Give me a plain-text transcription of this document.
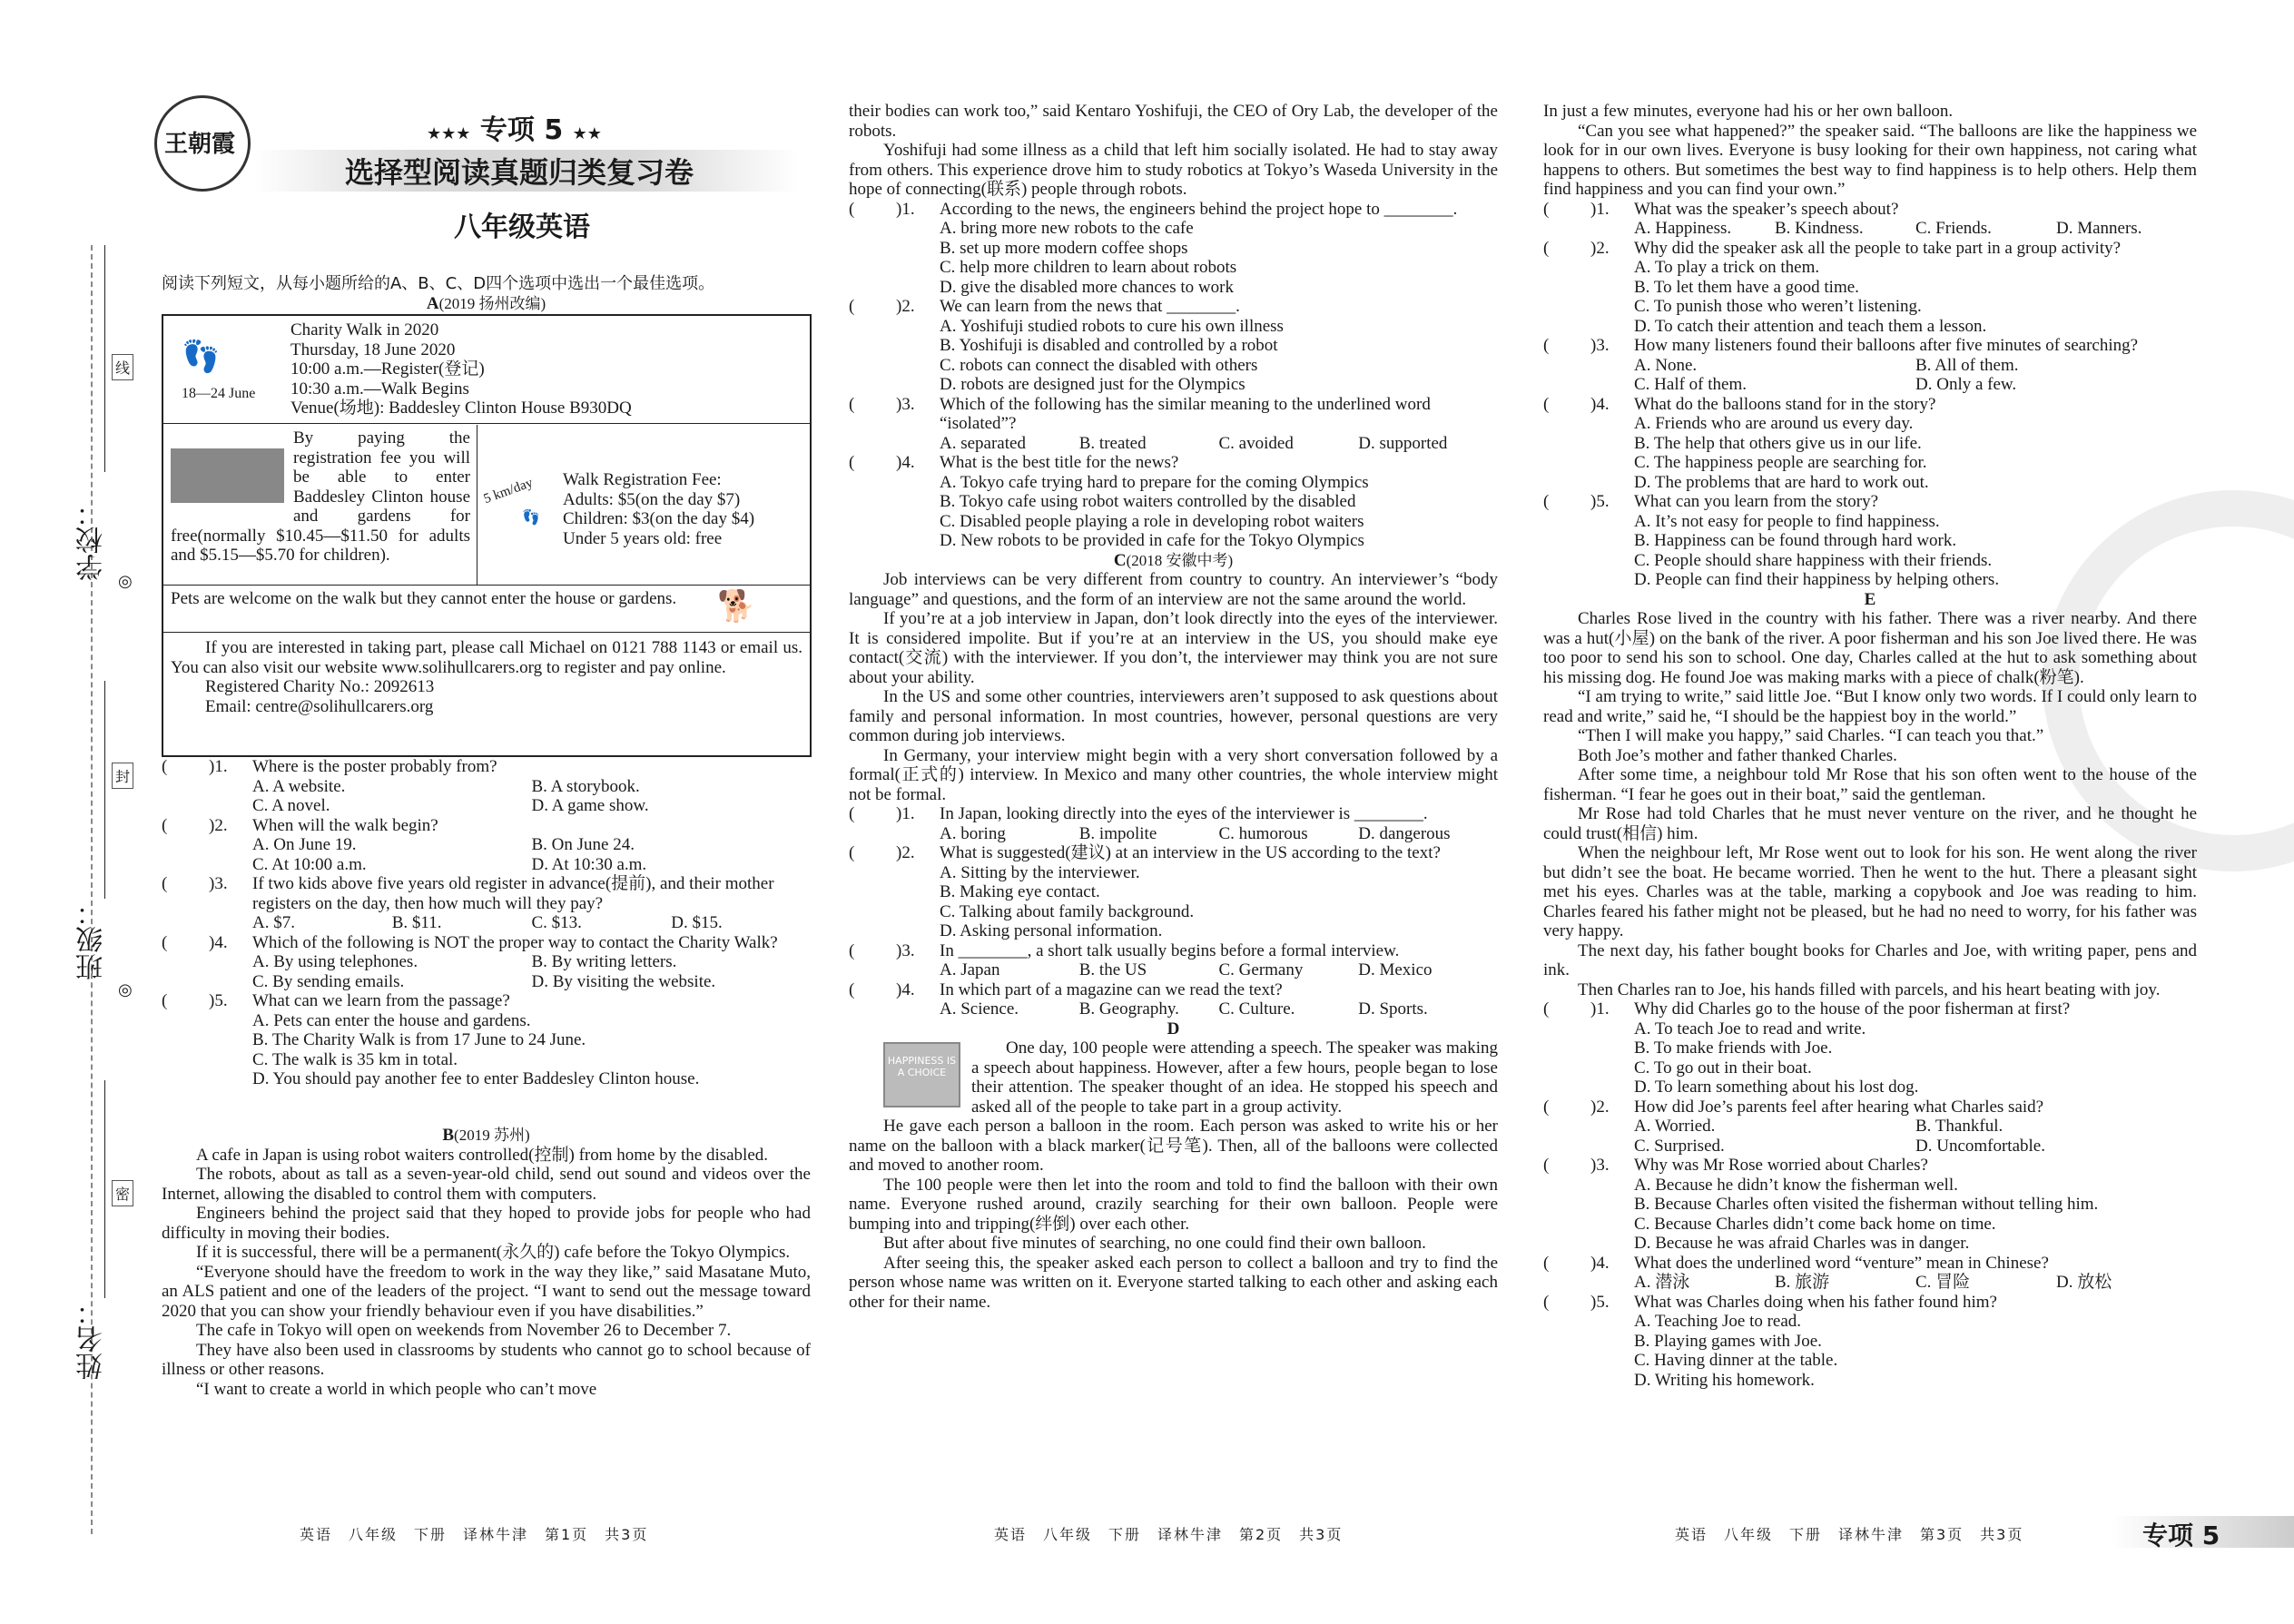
学校：
班级：
姓名：
线
封
密
◎
◎
王朝霞	★★★ 专项 5 ★★
选择型阅读真题归类复习卷
八年级英语

阅读下列短文，从每小题所给的A、B、C、D四个选项中选出一个最佳选项。

A(2019 扬州改编)

👣
18—24 June
Charity Walk in 2020
Thursday, 18 June 2020
10:00 a.m.—Register(登记)
10:30 a.m.—Walk Begins
Venue(场地): Baddesley Clinton House B930DQ
By paying the registration fee you will be able to enter Baddesley Clinton house and gardens for free(normally $10.45—$11.50 for adults and $5.15—$5.70 for children).
5 km/day
👣
Walk Registration Fee:
Adults: $5(on the day $7)
Children: $3(on the day $4)
Under 5 years old: free
Pets are welcome on the walk but they cannot enter the house or gardens.	🐕

If you are interested in taking part, please call Michael on 0121 788 1143 or email us. You can also visit our website www.solihullcarers.org to register and pay online.

Registered Charity No.: 2092613
Email: centre@solihullcarers.org

( )1.	Where is the poster probably from?

A. A website.	B. A storybook.
C. A novel.	D. A game show.

( )2.	When will the walk begin?

A. On June 19.	B. On June 24.
C. At 10:00 a.m.	D. At 10:30 a.m.

( )3.	If two kids above five years old register in advance(提前), and their mother registers on the day, then how much will they pay?

A. $7.	B. $11.	C. $13.	D. $15.

( )4.	Which of the following is NOT the proper way to contact the Charity Walk?

A. By using telephones.	B. By writing letters.
C. By sending emails.	D. By visiting the website.

( )5.	What can we learn from the passage?

A. Pets can enter the house and gardens.
B. The Charity Walk is from 17 June to 24 June.
C. The walk is 35 km in total.
D. You should pay another fee to enter Baddesley Clinton house.

B(2019 苏州)

A cafe in Japan is using robot waiters controlled(控制) from home by the disabled.

The robots, about as tall as a seven-year-old child, send out sound and videos over the Internet, allowing the disabled to control them with computers.

Engineers behind the project said that they hoped to provide jobs for people who had difficulty in moving their bodies.

If it is successful, there will be a permanent(永久的) cafe before the Tokyo Olympics.

“Everyone should have the freedom to work in the way they like,” said Masatane Muto, an ALS patient and one of the leaders of the project. “I want to send out the message toward 2020 that you can show your friendly behaviour even if you have disabilities.”

The cafe in Tokyo will open on weekends from November 26 to December 7.

They have also been used in classrooms by students who cannot go to school because of illness or other reasons.

“I want to create a world in which people who can’t move

英语　八年级　下册　译林牛津　第1页　共3页

their bodies can work too,” said Kentaro Yoshifuji, the CEO of Ory Lab, the developer of the robots.

Yoshifuji had some illness as a child that left him socially isolated. He had to stay away from others. This experience drove him to study robotics at Tokyo’s Waseda University in the hope of connecting(联系) people through robots.

( )1.	According to the news, the engineers behind the project hope to ________.

A. bring more new robots to the cafe
B. set up more modern coffee shops
C. help more children to learn about robots
D. give the disabled more chances to work

( )2.	We can learn from the news that ________.

A. Yoshifuji studied robots to cure his own illness
B. Yoshifuji is disabled and controlled by a robot
C. robots can connect the disabled with others
D. robots are designed just for the Olympics

( )3.	Which of the following has the similar meaning to the underlined word “isolated”?

A. separated	B. treated	C. avoided	D. supported

( )4.	What is the best title for the news?

A. Tokyo cafe trying hard to prepare for the coming Olympics
B. Tokyo cafe using robot waiters controlled by the disabled
C. Disabled people playing a role in developing robot waiters
D. New robots to be provided in cafe for the Tokyo Olympics

C(2018 安徽中考)

Job interviews can be very different from country to country. An interviewer’s “body language” and questions, and the form of an interview are not the same around the world.

If you’re at a job interview in Japan, don’t look directly into the eyes of the interviewer. It is considered impolite. But if you’re at an interview in the US, you should make eye contact(交流) with the interviewer. If you don’t, the interviewer may think you are not sure about your ability.

In the US and some other countries, interviewers aren’t supposed to ask questions about family and personal information. In most countries, however, personal questions are very common during job interviews.

In Germany, your interview might begin with a very short conversation followed by a formal(正式的) interview. In Mexico and many other countries, the whole interview might not be formal.

( )1.	In Japan, looking directly into the eyes of the interviewer is ________.

A. boring	B. impolite	C. humorous	D. dangerous

( )2.	What is suggested(建议) at an interview in the US according to the text?

A. Sitting by the interviewer.
B. Making eye contact.
C. Talking about family background.
D. Asking personal information.

( )3.	In ________, a short talk usually begins before a formal interview.

A. Japan	B. the US	C. Germany	D. Mexico

( )4.	In which part of a magazine can we read the text?

A. Science.	B. Geography.	C. Culture.	D. Sports.

D

HAPPINESS IS A CHOICE

One day, 100 people were attending a speech. The speaker was making a speech about happiness. However, after a few hours, people began to lose their attention. The speaker thought of an idea. He stopped his speech and asked all of the people to take part in a group activity.

He gave each person a balloon in the room. Each person was asked to write his or her name on the balloon with a black marker(记号笔). Then, all of the balloons were collected and moved to another room.

The 100 people were then let into the room and told to find the balloon with their own name. Everyone rushed around, crazily searching for their own balloon. People were bumping into and tripping(绊倒) over each other.

But after about five minutes of searching, no one could find their own balloon.

After seeing this, the speaker asked each person to collect a balloon and try to find the person whose name was written on it. Everyone started talking to each other and asking each other for their name.

英语　八年级　下册　译林牛津　第2页　共3页

In just a few minutes, everyone had his or her own balloon.

“Can you see what happened?” the speaker said. “The balloons are like the happiness we look for in our own lives. Everyone is busy looking for their own happiness, not caring what happens to others. But sometimes the best way to find happiness is to help others. Help them find happiness and you can find your own.”

( )1.	What was the speaker’s speech about?

A. Happiness.	B. Kindness.	C. Friends.	D. Manners.

( )2.	Why did the speaker ask all the people to take part in a group activity?

A. To play a trick on them.
B. To let them have a good time.
C. To punish those who weren’t listening.
D. To catch their attention and teach them a lesson.

( )3.	How many listeners found their balloons after five minutes of searching?

A. None.	B. All of them.
C. Half of them.	D. Only a few.

( )4.	What do the balloons stand for in the story?

A. Friends who are around us every day.
B. The help that others give us in our life.
C. The happiness people are searching for.
D. The problems that are hard to work out.

( )5.	What can you learn from the story?

A. It’s not easy for people to find happiness.
B. Happiness can be found through hard work.
C. People should share happiness with their friends.
D. People can find their happiness by helping others.

E

Charles Rose lived in the country with his father. There was a river nearby. And there was a hut(小屋) on the bank of the river. A poor fisherman and his son Joe lived there. He was too poor to send his son to school. One day, Charles called at the hut to ask something about his missing dog. He found Joe was making marks with a piece of chalk(粉笔).

“I am trying to write,” said little Joe. “But I know only two words. If I could only learn to read and write,” said he, “I should be the happiest boy in the world.”

“Then I will make you happy,” said Charles. “I can teach you that.”

Both Joe’s mother and father thanked Charles.

After some time, a neighbour told Mr Rose that his son often went to the house of the fisherman. “I fear he goes out in their boat,” said the gentleman.

Mr Rose had told Charles that he must never venture on the river, and he thought he could trust(相信) him.

When the neighbour left, Mr Rose went out to look for his son. He went along the river but didn’t see the boat. He became worried. Then he went to the hut. There a pleasant sight met his eyes. Charles was at the table, marking a copybook and Joe was reading to him. Charles feared his father might not be pleased, but he had no need to worry, for his father was very happy.

The next day, his father bought books for Charles and Joe, with writing paper, pens and ink.

Then Charles ran to Joe, his hands filled with parcels, and his heart beating with joy.

( )1.	Why did Charles go to the house of the poor fisherman at first?

A. To teach Joe to read and write.
B. To make friends with Joe.
C. To go out in their boat.
D. To learn something about his lost dog.

( )2.	How did Joe’s parents feel after hearing what Charles said?

A. Worried.	B. Thankful.
C. Surprised.	D. Uncomfortable.

( )3.	Why was Mr Rose worried about Charles?

A. Because he didn’t know the fisherman well.
B. Because Charles often visited the fisherman without telling him.
C. Because Charles didn’t come back home on time.
D. Because he was afraid Charles was in danger.

( )4.	What does the underlined word “venture” mean in Chinese?

A. 潜泳	B. 旅游	C. 冒险	D. 放松

( )5.	What was Charles doing when his father found him?

A. Teaching Joe to read.
B. Playing games with Joe.
C. Having dinner at the table.
D. Writing his homework.
英语　八年级　下册　译林牛津　第3页　共3页	专项 5
